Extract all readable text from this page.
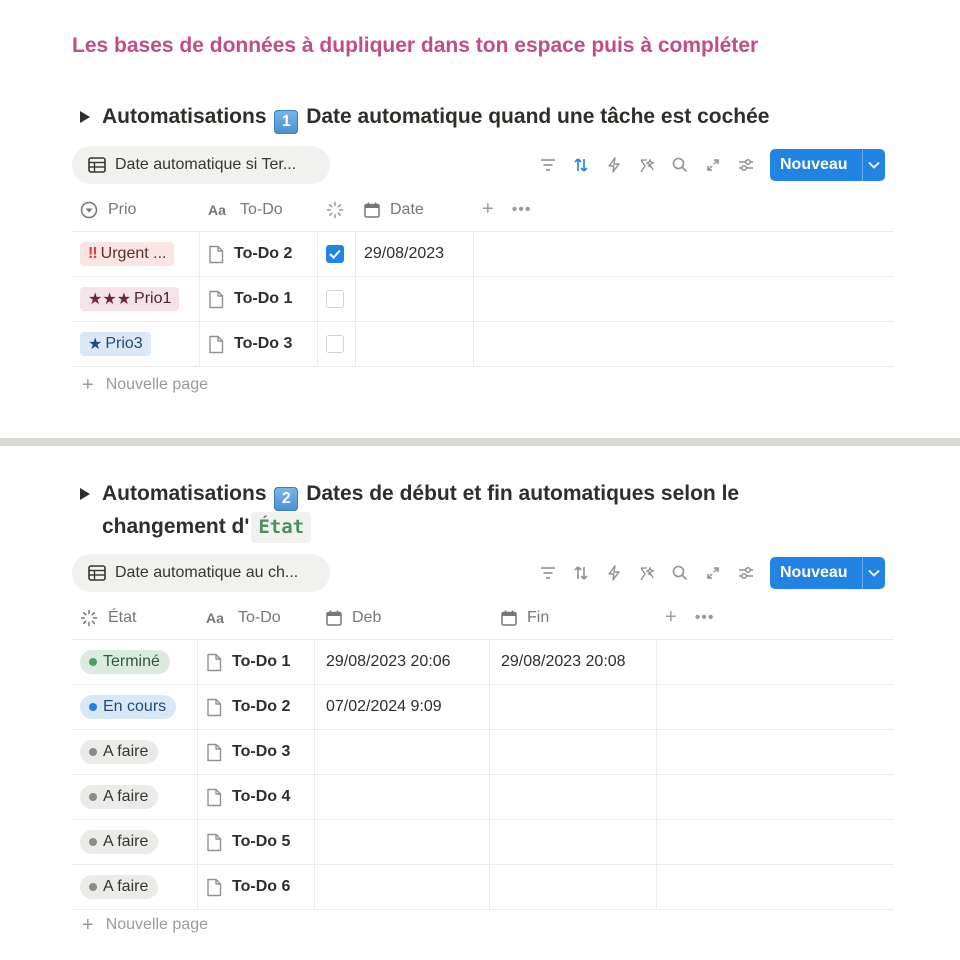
Les bases de données à dupliquer dans ton espace puis à compléter
Automatisations 1 Date automatique quand une tâche est cochée
Date automatique si Ter...	Nouveau
Prio	Aa To-Do	Date	+ •••
!! Urgent ...	To-Do 2	29/08/2023
★★★ Prio1	To-Do 1
★ Prio3	To-Do 3
+ Nouvelle page
Automatisations 2 Dates de début et fin automatiques selon le
changement d' État
Date automatique au ch...	Nouveau
État	Aa To-Do	Deb	Fin	+ •••
Terminé	To-Do 1	29/08/2023 20:06	29/08/2023 20:08
En cours	To-Do 2	07/02/2024 9:09
A faire	To-Do 3
A faire	To-Do 4
A faire	To-Do 5
A faire	To-Do 6
+ Nouvelle page
